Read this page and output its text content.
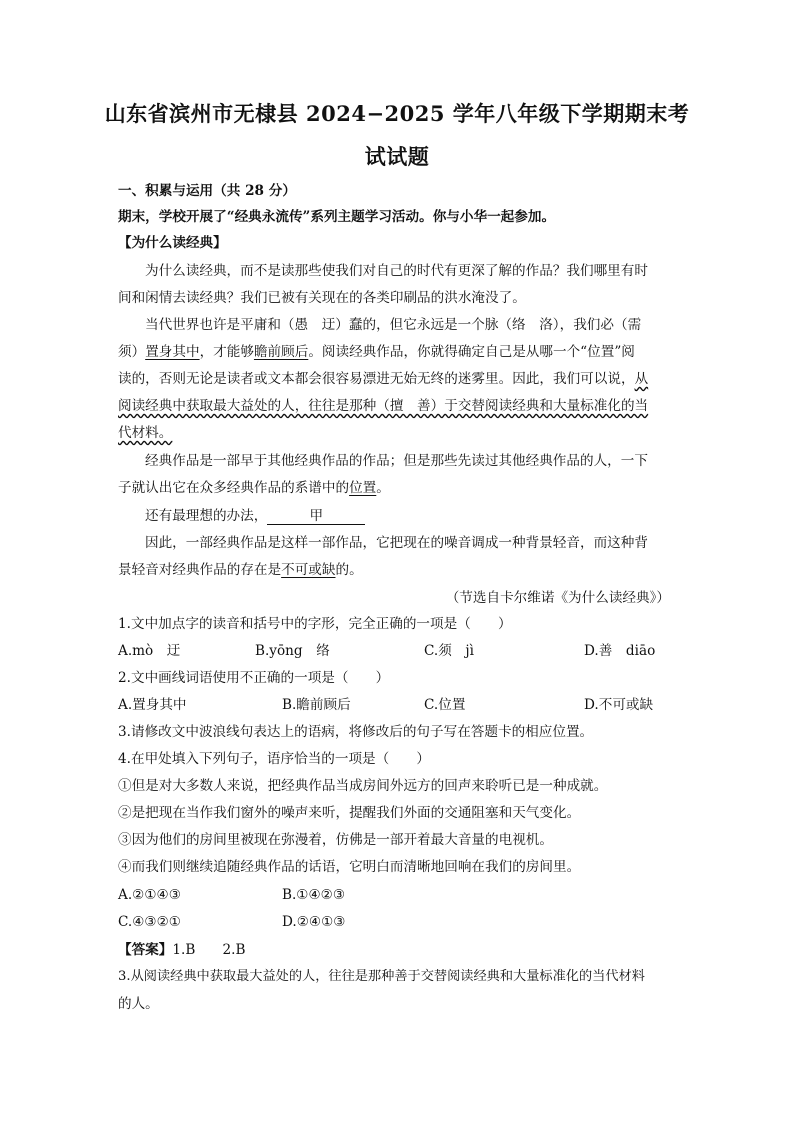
山东省滨州市无棣县 2024−2025 学年八年级下学期期末考
试试题
一、积累与运用（共 28 分）
期末，学校开展了“经典永流传”系列主题学习活动。你与小华一起参加。
【为什么读经典】
为什么读经典，而不是读那些使我们对自己的时代有更深了解的作品？我们哪里有时
间和闲情去读经典？我们已被有关现在的各类印刷品的洪水淹没了。
当代世界也许是平庸和（愚　迂）蠢的，但它永远是一个脉（络　洛），我们必（需
须）置身其中，才能够瞻前顾后。阅读经典作品，你就得确定自己是从哪一个“位置”阅
读的，否则无论是读者或文本都会很容易漂进无始无终的迷雾里。因此，我们可以说，从
阅读经典中获取最大益处的人，往往是那种（擅　善）于交替阅读经典和大量标准化的当
代材料。
经典作品是一部早于其他经典作品的作品；但是那些先读过其他经典作品的人，一下
子就认出它在众多经典作品的系谱中的位置。
还有最理想的办法，	甲
因此，一部经典作品是这样一部作品，它把现在的噪音调成一种背景轻音，而这种背
景轻音对经典作品的存在是不可或缺的。
（节选自卡尔维诺《为什么读经典》）
1.文中加点字的读音和括号中的字形，完全正确的一项是（　　）
A.mò　迂	B.yōng　络	C.须　jì	D.善　diāo
2.文中画线词语使用不正确的一项是（　　）
A.置身其中	B.瞻前顾后	C.位置	D.不可或缺
3.请修改文中波浪线句表达上的语病，将修改后的句子写在答题卡的相应位置。
4.在甲处填入下列句子，语序恰当的一项是（　　）
①但是对大多数人来说，把经典作品当成房间外远方的回声来聆听已是一种成就。
②是把现在当作我们窗外的噪声来听，提醒我们外面的交通阻塞和天气变化。
③因为他们的房间里被现在弥漫着，仿佛是一部开着最大音量的电视机。
④而我们则继续追随经典作品的话语，它明白而清晰地回响在我们的房间里。
A.②①④③	B.①④②③
C.④③②①	D.②④①③
【答案】1.B　　2.B
3.从阅读经典中获取最大益处的人，往往是那种善于交替阅读经典和大量标准化的当代材料
的人。
